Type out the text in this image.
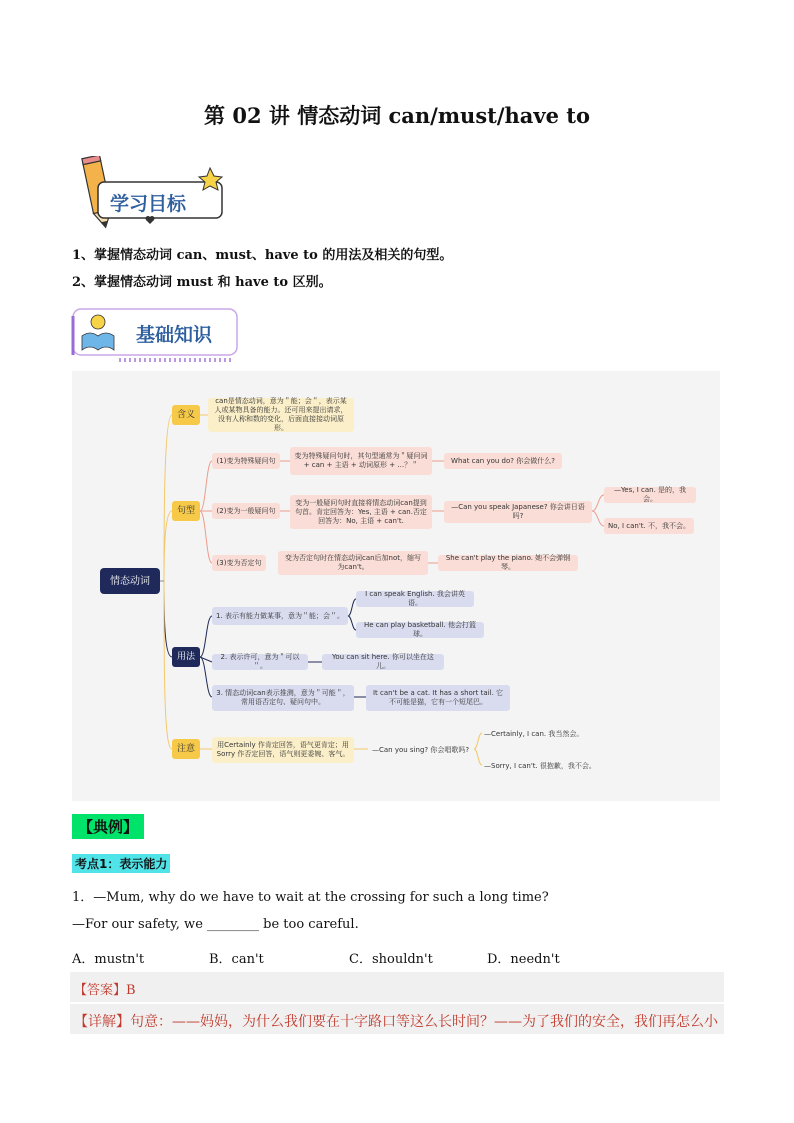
第 02 讲 情态动词 can/must/have to
学习目标
1、掌握情态动词 can、must、have to 的用法及相关的句型。
2、掌握情态动词 must 和 have to 区别。
基础知识
情态动词
含义
can是情态动词，意为＂能；会＂，表示某人或某物具备的能力。还可用来提出请求，没有人称和数的变化，后面直接接动词原形。
句型
(1)变为特殊疑问句
变为特殊疑问句时，其句型通常为＂疑问词 + can + 主语 + 动词原形 + …？＂
What can you do? 你会做什么?
(2)变为一般疑问句
变为一般疑问句时直接将情态动词can提到句首。肯定回答为：Yes, 主语 + can.否定回答为：No, 主语 + can't.
—Can you speak Japanese? 你会讲日语吗?
—Yes, I can. 是的，我会。
No, I can't. 不，我不会。
(3)变为否定句
变为否定句时在情态动词can后加not，缩写为can't。
She can't play the piano. 她不会弹钢琴。
用法
1. 表示有能力做某事，意为＂能；会＂。
I can speak English. 我会讲英语。
He can play basketball. 他会打篮球。
2. 表示许可，意为＂可以＂。
You can sit here. 你可以坐在这儿。
3. 情态动词can表示推测，意为＂可能＂，常用语否定句、疑问句中。
It can't be a cat. It has a short tail. 它不可能是猫，它有一个短尾巴。
注意	用Certainly 作肯定回答，语气更肯定；用Sorry 作否定回答，语气则更委婉、客气。
—Can you sing? 你会唱歌吗?
—Certainly, I can. 我当然会。
—Sorry, I can't. 很抱歉，我不会。
【典例】
考点1：表示能力
1．—Mum, why do we have to wait at the crossing for such a long time?
—For our safety, we ________ be too careful.
A．mustn't	B．can't	C．shouldn't	D．needn't
【答案】B
【详解】句意：——妈妈，为什么我们要在十字路口等这么长时间？——为了我们的安全，我们再怎么小
